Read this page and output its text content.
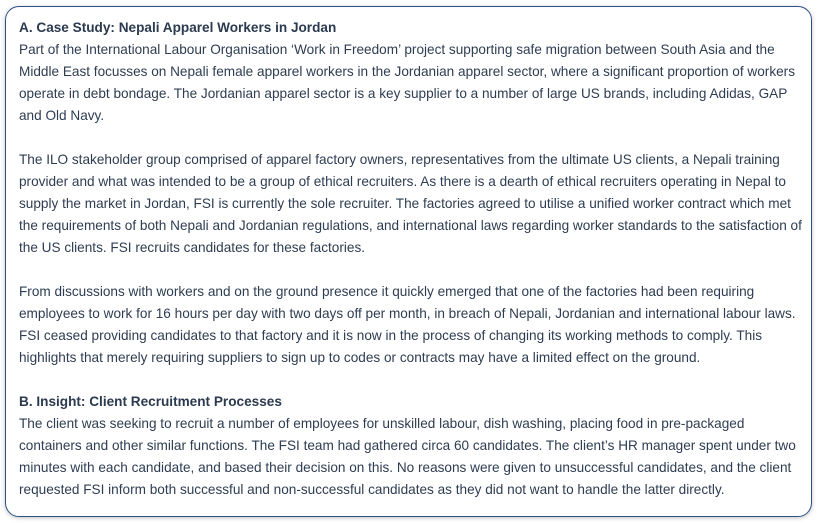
A. Case Study: Nepali Apparel Workers in Jordan

Part of the International Labour Organisation ‘Work in Freedom’ project supporting safe migration between South Asia and the Middle East focusses on Nepali female apparel workers in the Jordanian apparel sector, where a significant proportion of workers operate in debt bondage. The Jordanian apparel sector is a key supplier to a number of large US brands, including Adidas, GAP and Old Navy.

The ILO stakeholder group comprised of apparel factory owners, representatives from the ultimate US clients, a Nepali training provider and what was intended to be a group of ethical recruiters. As there is a dearth of ethical recruiters operating in Nepal to supply the market in Jordan, FSI is currently the sole recruiter. The factories agreed to utilise a unified worker contract which met the requirements of both Nepali and Jordanian regulations, and international laws regarding worker standards to the satisfaction of the US clients. FSI recruits candidates for these factories.

From discussions with workers and on the ground presence it quickly emerged that one of the factories had been requiring employees to work for 16 hours per day with two days off per month, in breach of Nepali, Jordanian and international labour laws. FSI ceased providing candidates to that factory and it is now in the process of changing its working methods to comply. This highlights that merely requiring suppliers to sign up to codes or contracts may have a limited effect on the ground.

B. Insight: Client Recruitment Processes

The client was seeking to recruit a number of employees for unskilled labour, dish washing, placing food in pre-packaged containers and other similar functions. The FSI team had gathered circa 60 candidates. The client’s HR manager spent under two minutes with each candidate, and based their decision on this. No reasons were given to unsuccessful candidates, and the client requested FSI inform both successful and non-successful candidates as they did not want to handle the latter directly.
